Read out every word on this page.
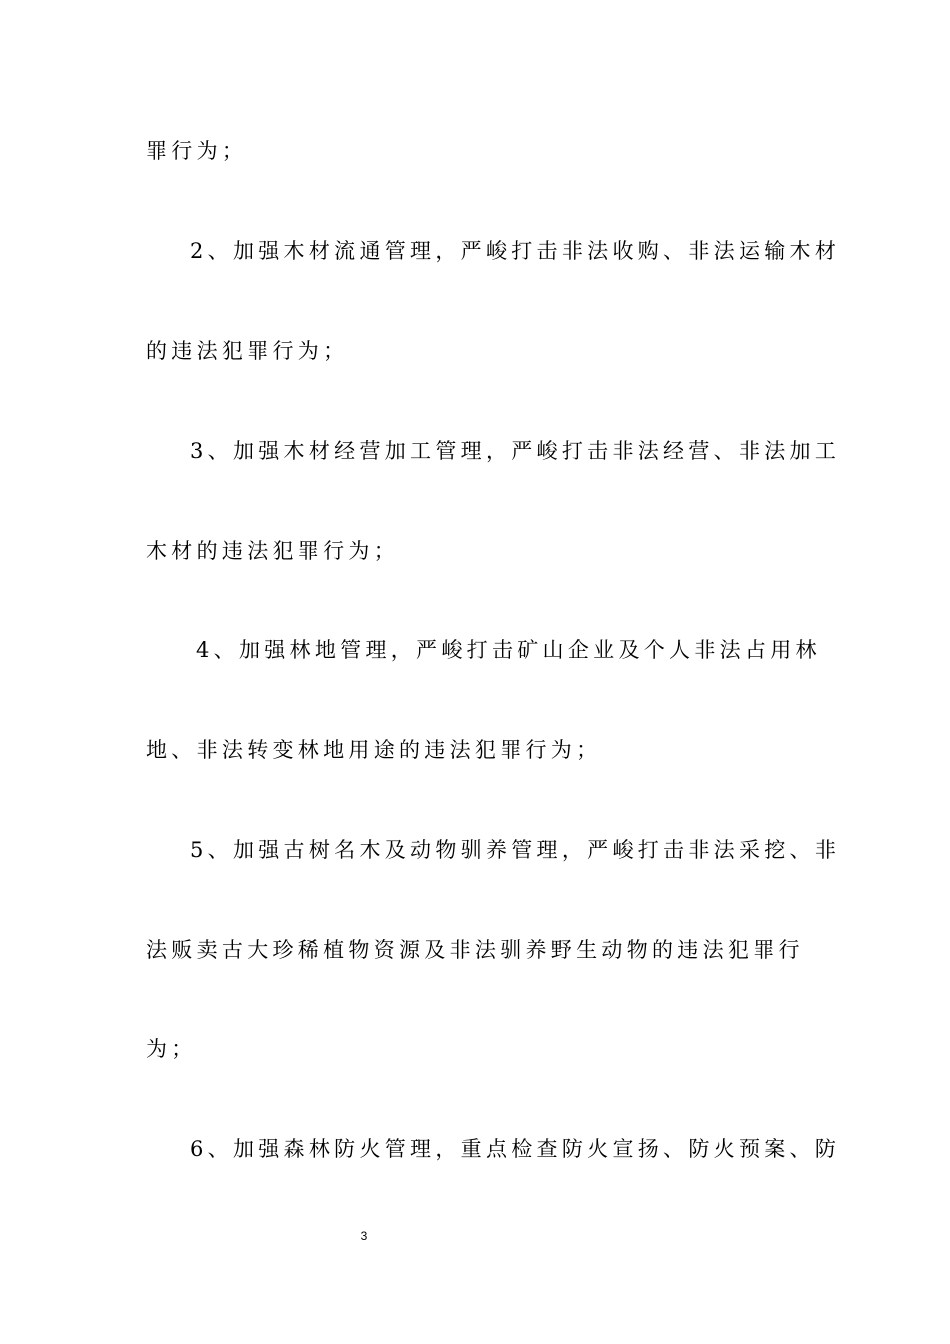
罪行为；
2、加强木材流通管理，严峻打击非法收购、非法运输木材
的违法犯罪行为；
3、加强木材经营加工管理，严峻打击非法经营、非法加工
木材的违法犯罪行为；
4、加强林地管理，严峻打击矿山企业及个人非法占用林
地、非法转变林地用途的违法犯罪行为；
5、加强古树名木及动物驯养管理，严峻打击非法采挖、非
法贩卖古大珍稀植物资源及非法驯养野生动物的违法犯罪行
为；
6、加强森林防火管理，重点检查防火宣扬、防火预案、防
3
